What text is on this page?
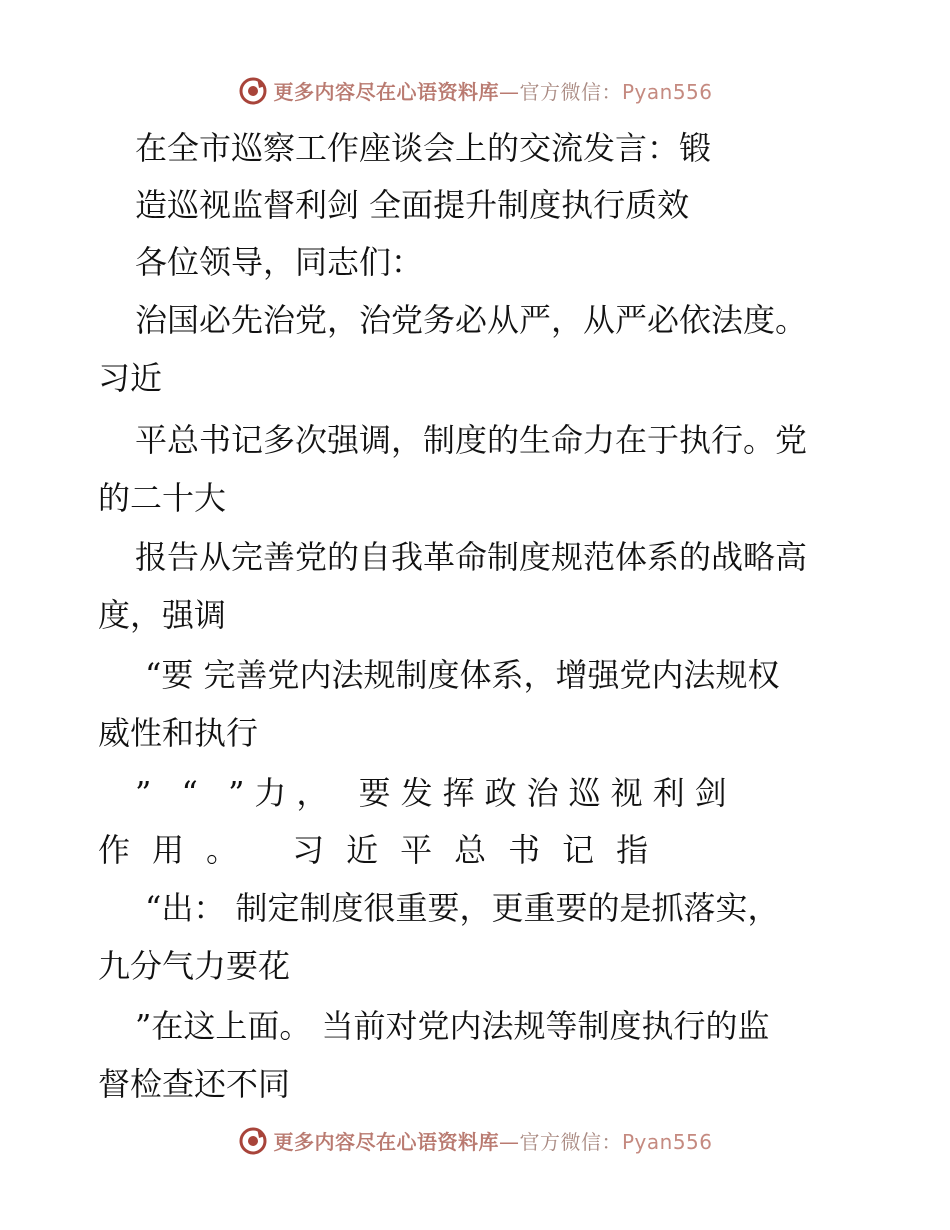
更多内容尽在心语资料库—官方微信：Pyan556
在全市巡察工作座谈会上的交流发言：锻
造巡视监督利剑 全面提升制度执行质效
各位领导，同志们：
治国必先治党，治党务必从严，从严必依法度。
习近
平总书记多次强调，制度的生命力在于执行。党
的二十大
报告从完善党的自我革命制度规范体系的战略高
度，强调
“要 完善党内法规制度体系，增强党内法规权
威性和执行
” “ ”力， 要发挥政治巡视利剑
作用。 习近平总书记指
“出： 制定制度很重要，更重要的是抓落实，
九分气力要花
”在这上面。 当前对党内法规等制度执行的监
督检查还不同
更多内容尽在心语资料库—官方微信：Pyan556
